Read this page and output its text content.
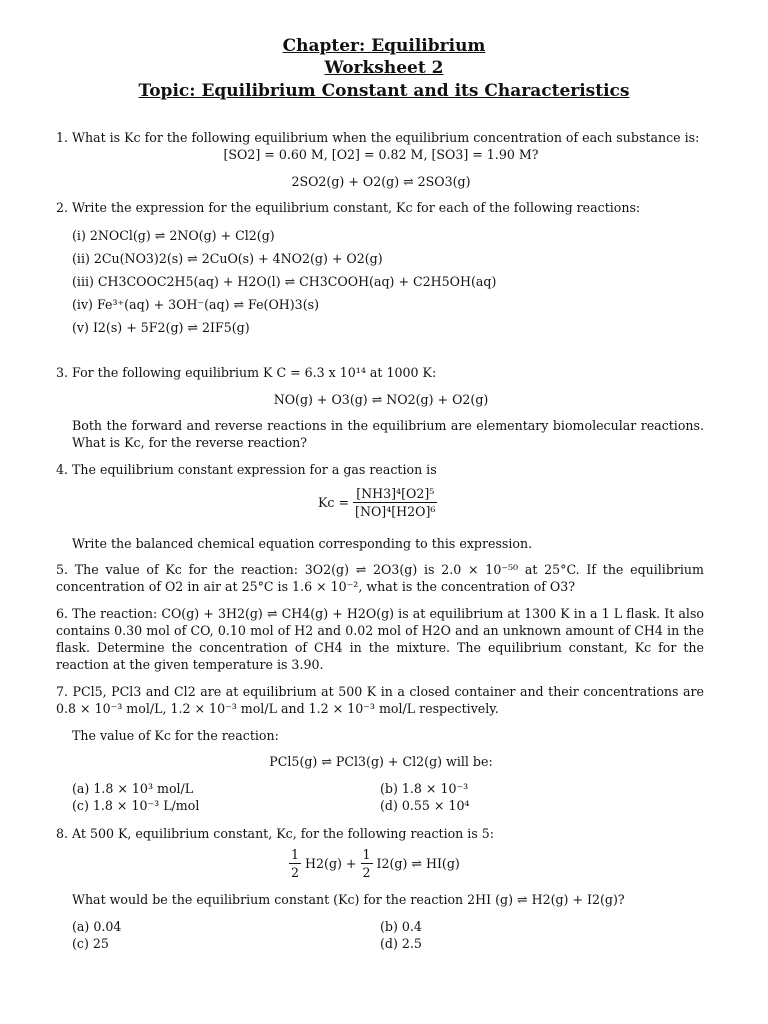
Chapter: Equilibrium
Worksheet 2
Topic: Equilibrium Constant and its Characteristics
1. What is Kc for the following equilibrium when the equilibrium concentration of each substance is:
[SO2] = 0.60 M, [O2] = 0.82 M, [SO3] = 1.90 M?
2SO2(g) + O2(g) ⇌ 2SO3(g)
2. Write the expression for the equilibrium constant, Kc for each of the following reactions:
(i) 2NOCl(g) ⇌ 2NO(g) + Cl2(g)
(ii) 2Cu(NO3)2(s) ⇌ 2CuO(s) + 4NO2(g) + O2(g)
(iii) CH3COOC2H5(aq) + H2O(l) ⇌ CH3COOH(aq) + C2H5OH(aq)
(iv) Fe³⁺(aq) + 3OH⁻(aq) ⇌ Fe(OH)3(s)
(v) I2(s) + 5F2(g) ⇌ 2IF5(g)
3. For the following equilibrium K C = 6.3 x 10¹⁴ at 1000 K:
NO(g) + O3(g) ⇌ NO2(g) + O2(g)
Both the forward and reverse reactions in the equilibrium are elementary biomolecular reactions. What is Kc, for the reverse reaction?
4. The equilibrium constant expression for a gas reaction is
$Kc = \frac{\text{[NH3]⁴[O2]⁵}}{\text{[NO]⁴[H2O]⁶}}$
Write the balanced chemical equation corresponding to this expression.
5. The value of Kc for the reaction: 3O2(g) ⇌ 2O3(g) is 2.0 × 10⁻⁵⁰ at 25°C. If the equilibrium concentration of O2 in air at 25°C is 1.6 × 10⁻², what is the concentration of O3?
6. The reaction: CO(g) + 3H2(g) ⇌ CH4(g) + H2O(g) is at equilibrium at 1300 K in a 1 L flask. It also contains 0.30 mol of CO, 0.10 mol of H2 and 0.02 mol of H2O and an unknown amount of CH4 in the flask. Determine the concentration of CH4 in the mixture. The equilibrium constant, Kc for the reaction at the given temperature is 3.90.
7. PCl5, PCl3 and Cl2 are at equilibrium at 500 K in a closed container and their concentrations are 0.8 × 10⁻³ mol/L, 1.2 × 10⁻³ mol/L and 1.2 × 10⁻³ mol/L respectively.
The value of Kc for the reaction:
PCl5(g) ⇌ PCl3(g) + Cl2(g) will be:
(a) 1.8 × 10³ mol/L	(b) 1.8 × 10⁻³
(c) 1.8 × 10⁻³ L/mol	(d) 0.55 × 10⁴
8. At 500 K, equilibrium constant, Kc, for the following reaction is 5:
$\frac{1}{2} H2(g) + \frac{1}{2} I2(g)$ ⇌ HI(g)
What would be the equilibrium constant (Kc) for the reaction 2HI (g) ⇌ H2(g) + I2(g)?
(a) 0.04	(b) 0.4
(c) 25	(d) 2.5
